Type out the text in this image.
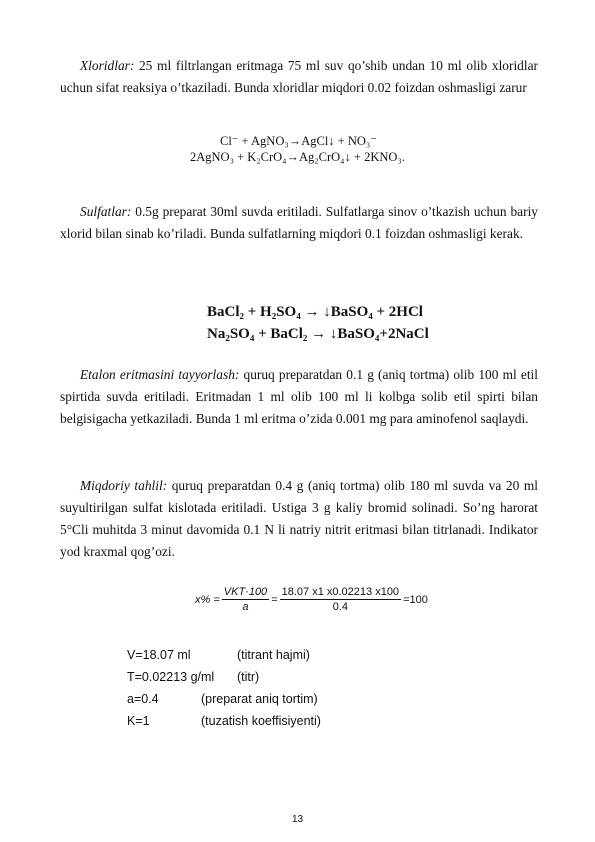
Xloridlar: 25 ml filtrlangan eritmaga 75 ml suv qo’shib undan 10 ml olib xloridlar uchun sifat reaksiya o’tkaziladi. Bunda xloridlar miqdori 0.02 foizdan oshmasligi zarur
Cl⁻ + AgNO₃→AgCl↓ + NO₃⁻
2AgNO₃ + K₂CrO₄→Ag₂CrO₄↓ + 2KNO₃.
Sulfatlar: 0.5g preparat 30ml suvda eritiladi. Sulfatlarga sinov o’tkazish uchun bariy xlorid bilan sinab ko’riladi. Bunda sulfatlarning miqdori 0.1 foizdan oshmasligi kerak.
BaCl₂ + H₂SO₄ → ↓BaSO₄ + 2HCl
Na₂SO₄ + BaCl₂ → ↓BaSO₄+2NaCl
Etalon eritmasini tayyorlash: quruq preparatdan 0.1 g (aniq tortma) olib 100 ml etil spirtida suvda eritiladi. Eritmadan 1 ml olib 100 ml li kolbga solib etil spirti bilan belgisigacha yetkaziladi. Bunda 1 ml eritma o’zida 0.001 mg para aminofenol saqlaydi.
Miqdoriy tahlil: quruq preparatdan 0.4 g (aniq tortma) olib 180 ml suvda va 20 ml suyultirilgan sulfat kislotada eritiladi. Ustiga 3 g kaliy bromid solinadi. So’ng harorat 5°Cli muhitda 3 minut davomida 0.1 N li natriy nitrit eritmasi bilan titrlanadi. Indikator yod kraxmal qog’ozi.
$x\% = \frac{\text{VKT·100}}{a} = \frac{18.07 x1 x0.02213 x100}{0.4} =100$
V=18.07 ml	(titrant hajmi)
T=0.02213 g/ml	(titr)
a=0.4	(preparat aniq tortim)
K=1	(tuzatish koeffisiyenti)
13
